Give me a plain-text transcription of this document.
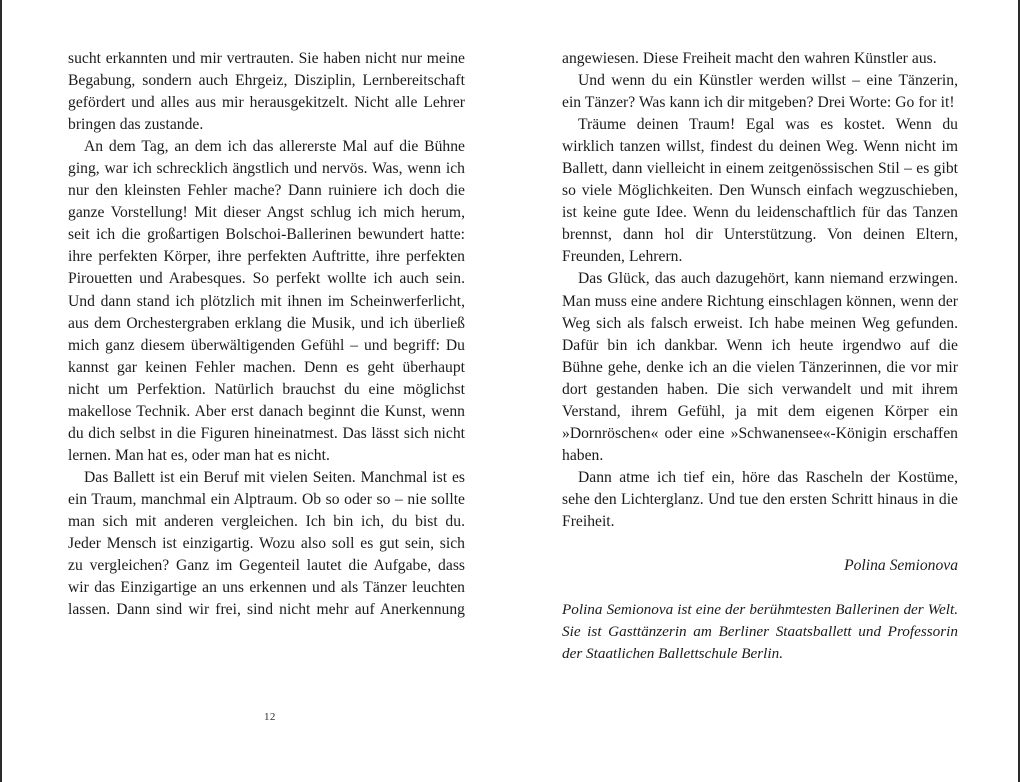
sucht erkannten und mir vertrauten. Sie haben nicht nur meine Begabung, sondern auch Ehrgeiz, Disziplin, Lernbereitschaft gefördert und alles aus mir herausgekitzelt. Nicht alle Lehrer bringen das zustande.

An dem Tag, an dem ich das allererste Mal auf die Bühne ging, war ich schrecklich ängstlich und nervös. Was, wenn ich nur den kleinsten Fehler mache? Dann ruiniere ich doch die ganze Vorstellung! Mit dieser Angst schlug ich mich herum, seit ich die großartigen Bolschoi-Ballerinen bewundert hatte: ihre perfekten Körper, ihre perfekten Auftritte, ihre perfekten Pirouetten und Arabesques. So perfekt wollte ich auch sein. Und dann stand ich plötzlich mit ihnen im Scheinwerferlicht, aus dem Orchestergraben erklang die Musik, und ich überließ mich ganz diesem überwältigenden Gefühl – und begriff: Du kannst gar keinen Fehler machen. Denn es geht überhaupt nicht um Perfektion. Natürlich brauchst du eine möglichst makellose Technik. Aber erst danach beginnt die Kunst, wenn du dich selbst in die Figuren hineinatmest. Das lässt sich nicht lernen. Man hat es, oder man hat es nicht.

Das Ballett ist ein Beruf mit vielen Seiten. Manchmal ist es ein Traum, manchmal ein Alptraum. Ob so oder so – nie sollte man sich mit anderen vergleichen. Ich bin ich, du bist du. Jeder Mensch ist einzigartig. Wozu also soll es gut sein, sich zu vergleichen? Ganz im Gegenteil lautet die Aufgabe, dass wir das Einzigartige an uns erkennen und als Tänzer leuchten lassen. Dann sind wir frei, sind nicht mehr auf Anerkennung

angewiesen. Diese Freiheit macht den wahren Künstler aus.

Und wenn du ein Künstler werden willst – eine Tänzerin, ein Tänzer? Was kann ich dir mitgeben? Drei Worte: Go for it!

Träume deinen Traum! Egal was es kostet. Wenn du wirklich tanzen willst, findest du deinen Weg. Wenn nicht im Ballett, dann vielleicht in einem zeitgenössischen Stil – es gibt so viele Möglichkeiten. Den Wunsch einfach wegzuschieben, ist keine gute Idee. Wenn du leidenschaftlich für das Tanzen brennst, dann hol dir Unterstützung. Von deinen Eltern, Freunden, Lehrern.

Das Glück, das auch dazugehört, kann niemand erzwingen. Man muss eine andere Richtung einschlagen können, wenn der Weg sich als falsch erweist. Ich habe meinen Weg gefunden. Dafür bin ich dankbar. Wenn ich heute irgendwo auf die Bühne gehe, denke ich an die vielen Tänzerinnen, die vor mir dort gestanden haben. Die sich verwandelt und mit ihrem Verstand, ihrem Gefühl, ja mit dem eigenen Körper ein »Dornröschen« oder eine »Schwanensee«-Königin erschaffen haben.

Dann atme ich tief ein, höre das Rascheln der Kostüme, sehe den Lichterglanz. Und tue den ersten Schritt hinaus in die Freiheit.

Polina Semionova

Polina Semionova ist eine der berühmtesten Ballerinen der Welt. Sie ist Gasttänzerin am Berliner Staatsballett und Professorin der Staatlichen Ballettschule Berlin.

12
